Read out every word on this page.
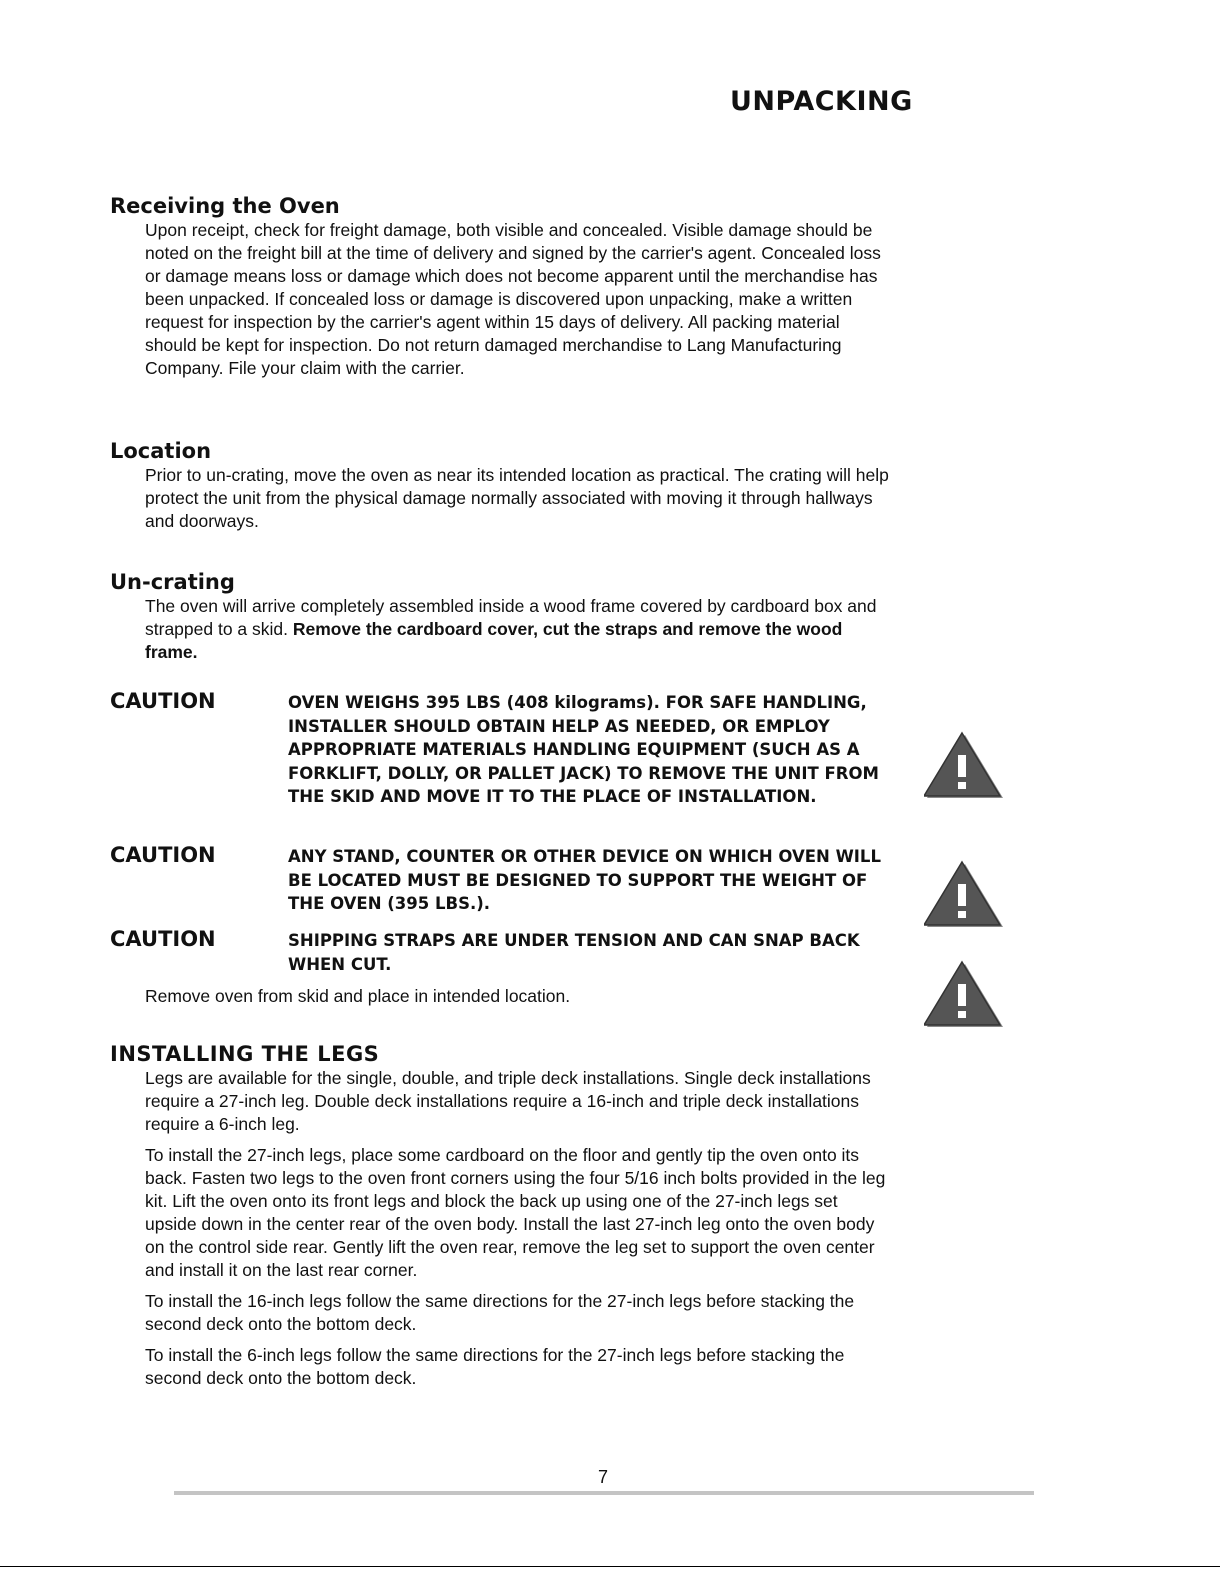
UNPACKING
Receiving the Oven

Upon receipt, check for freight damage, both visible and concealed. Visible damage should be noted on the freight bill at the time of delivery and signed by the carrier's agent. Concealed loss or damage means loss or damage which does not become apparent until the merchandise has been unpacked. If concealed loss or damage is discovered upon unpacking, make a written request for inspection by the carrier's agent within 15 days of delivery. All packing material should be kept for inspection. Do not return damaged merchandise to Lang Manufacturing Company. File your claim with the carrier.

Location

Prior to un-crating, move the oven as near its intended location as practical. The crating will help protect the unit from the physical damage normally associated with moving it through hallways and doorways.

Un-crating

The oven will arrive completely assembled inside a wood frame covered by cardboard box and strapped to a skid. Remove the cardboard cover, cut the straps and remove the wood frame.

CAUTION	OVEN WEIGHS 395 LBS (408 kilograms). FOR SAFE HANDLING, INSTALLER SHOULD OBTAIN HELP AS NEEDED, OR EMPLOY APPROPRIATE MATERIALS HANDLING EQUIPMENT (SUCH AS A FORKLIFT, DOLLY, OR PALLET JACK) TO REMOVE THE UNIT FROM THE SKID AND MOVE IT TO THE PLACE OF INSTALLATION.
CAUTION	ANY STAND, COUNTER OR OTHER DEVICE ON WHICH OVEN WILL BE LOCATED MUST BE DESIGNED TO SUPPORT THE WEIGHT OF THE OVEN (395 LBS.).
CAUTION	SHIPPING STRAPS ARE UNDER TENSION AND CAN SNAP BACK WHEN CUT.
Remove oven from skid and place in intended location.
INSTALLING THE LEGS

Legs are available for the single, double, and triple deck installations. Single deck installations require a 27-inch leg. Double deck installations require a 16-inch and triple deck installations require a 6-inch leg.

To install the 27-inch legs, place some cardboard on the floor and gently tip the oven onto its back. Fasten two legs to the oven front corners using the four 5/16 inch bolts provided in the leg kit. Lift the oven onto its front legs and block the back up using one of the 27-inch legs set upside down in the center rear of the oven body. Install the last 27-inch leg onto the oven body on the control side rear. Gently lift the oven rear, remove the leg set to support the oven center and install it on the last rear corner.

To install the 16-inch legs follow the same directions for the 27-inch legs before stacking the second deck onto the bottom deck.

To install the 6-inch legs follow the same directions for the 27-inch legs before stacking the second deck onto the bottom deck.

7
